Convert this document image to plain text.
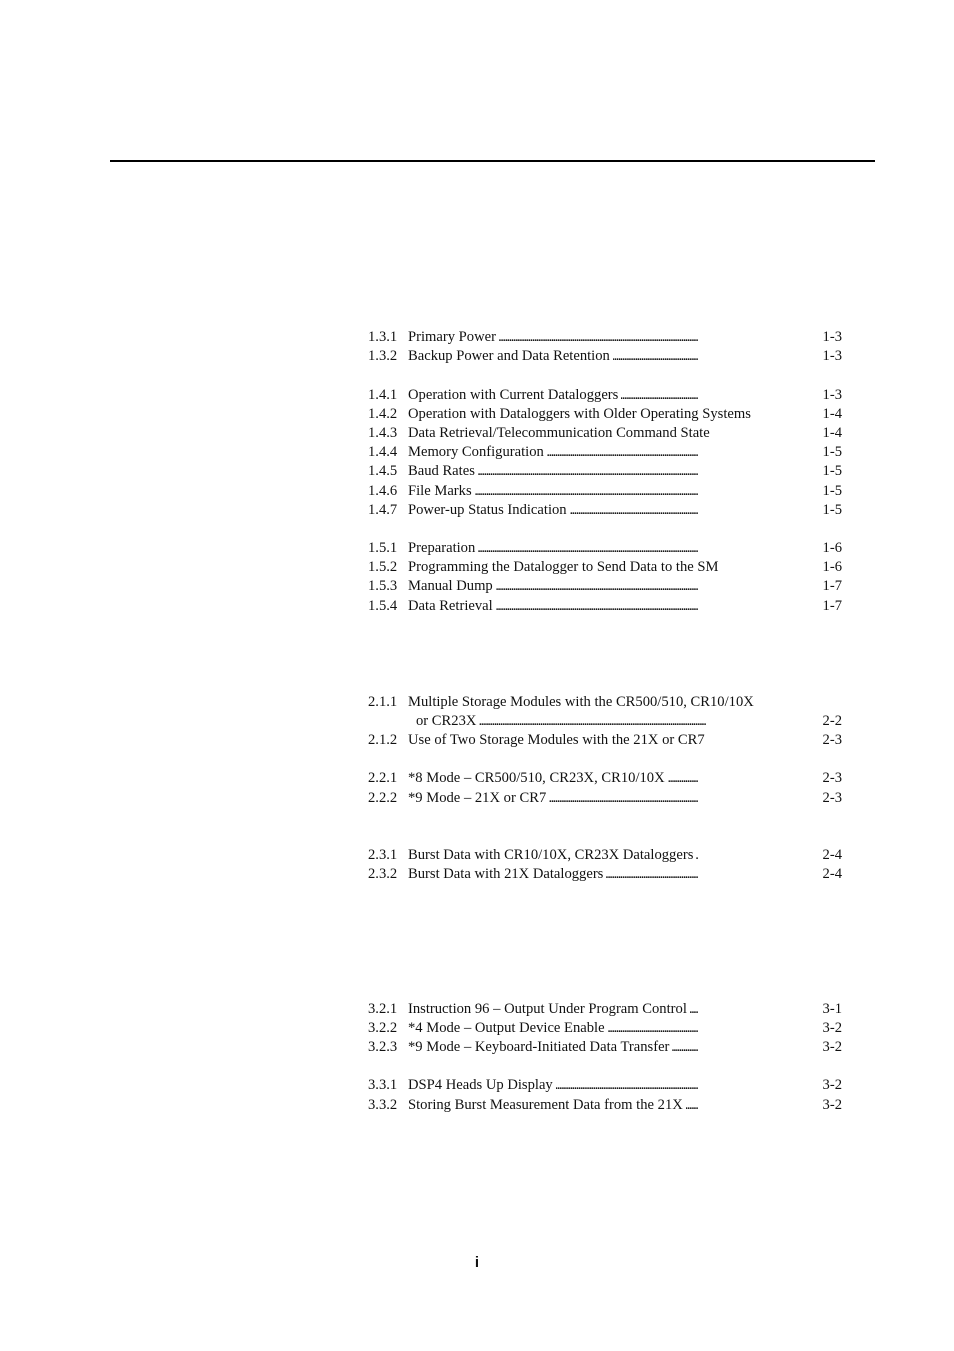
1.3.1 Primary Power . . .	1-3
1.3.2 Backup Power and Data Retention . . .	1-3
1.4.1 Operation with Current Dataloggers . . .	1-3
1.4.2 Operation with Dataloggers with Older Operating Systems . . .	1-4
1.4.3 Data Retrieval/Telecommunication Command State . . .	1-4
1.4.4 Memory Configuration . . .	1-5
1.4.5 Baud Rates . . .	1-5
1.4.6 File Marks . . .	1-5
1.4.7 Power-up Status Indication . . .	1-5
1.5.1 Preparation . . .	1-6
1.5.2 Programming the Datalogger to Send Data to the SM . . .	1-6
1.5.3 Manual Dump . . .	1-7
1.5.4 Data Retrieval . . .	1-7
2.1.1 Multiple Storage Modules with the CR500/510, CR10/10X
or CR23X . . .	2-2
2.1.2 Use of Two Storage Modules with the 21X or CR7 . . .	2-3
2.2.1 *8 Mode – CR500/510, CR23X, CR10/10X . . .	2-3
2.2.2 *9 Mode – 21X or CR7 . . .	2-3
2.3.1 Burst Data with CR10/10X, CR23X Dataloggers . . .	2-4
2.3.2 Burst Data with 21X Dataloggers . . .	2-4
3.2.1 Instruction 96 – Output Under Program Control . . .	3-1
3.2.2 *4 Mode – Output Device Enable . . .	3-2
3.2.3 *9 Mode – Keyboard-Initiated Data Transfer . . .	3-2
3.3.1 DSP4 Heads Up Display . . .	3-2
3.3.2 Storing Burst Measurement Data from the 21X . . .	3-2
i
